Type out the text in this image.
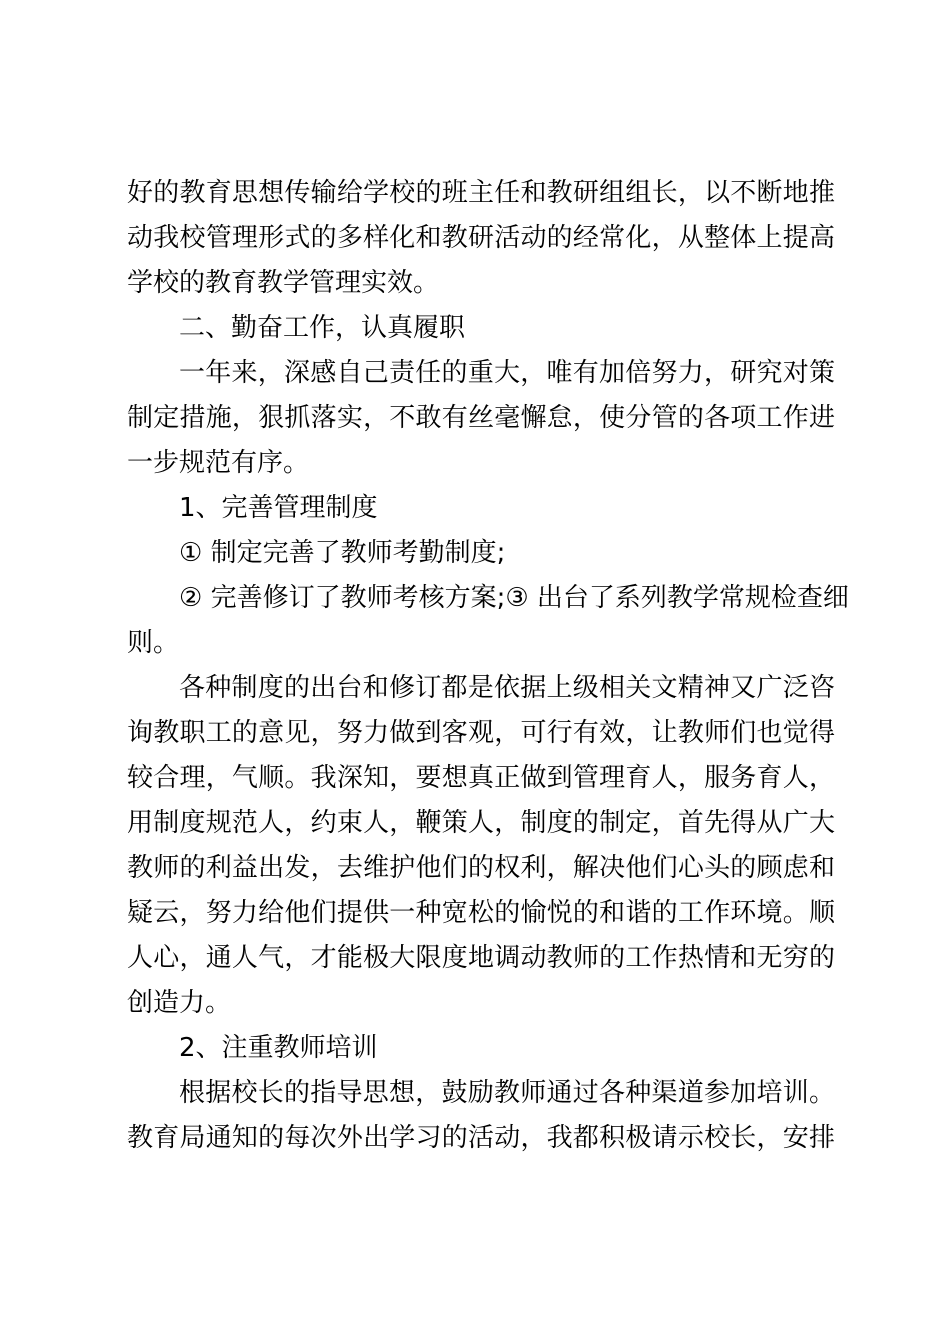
好的教育思想传输给学校的班主任和教研组组长，以不断地推
动我校管理形式的多样化和教研活动的经常化，从整体上提高
学校的教育教学管理实效。
二、勤奋工作，认真履职
一年来，深感自己责任的重大，唯有加倍努力，研究对策
制定措施，狠抓落实，不敢有丝毫懈怠，使分管的各项工作进
一步规范有序。
1、完善管理制度
① 制定完善了教师考勤制度;
② 完善修订了教师考核方案;③ 出台了系列教学常规检查细
则。
各种制度的出台和修订都是依据上级相关文精神又广泛咨
询教职工的意见，努力做到客观，可行有效，让教师们也觉得
较合理，气顺。我深知，要想真正做到管理育人，服务育人，
用制度规范人，约束人，鞭策人，制度的制定，首先得从广大
教师的利益出发，去维护他们的权利，解决他们心头的顾虑和
疑云，努力给他们提供一种宽松的愉悦的和谐的工作环境。顺
人心，通人气，才能极大限度地调动教师的工作热情和无穷的
创造力。
2、注重教师培训
根据校长的指导思想，鼓励教师通过各种渠道参加培训。
教育局通知的每次外出学习的活动，我都积极请示校长，安排
